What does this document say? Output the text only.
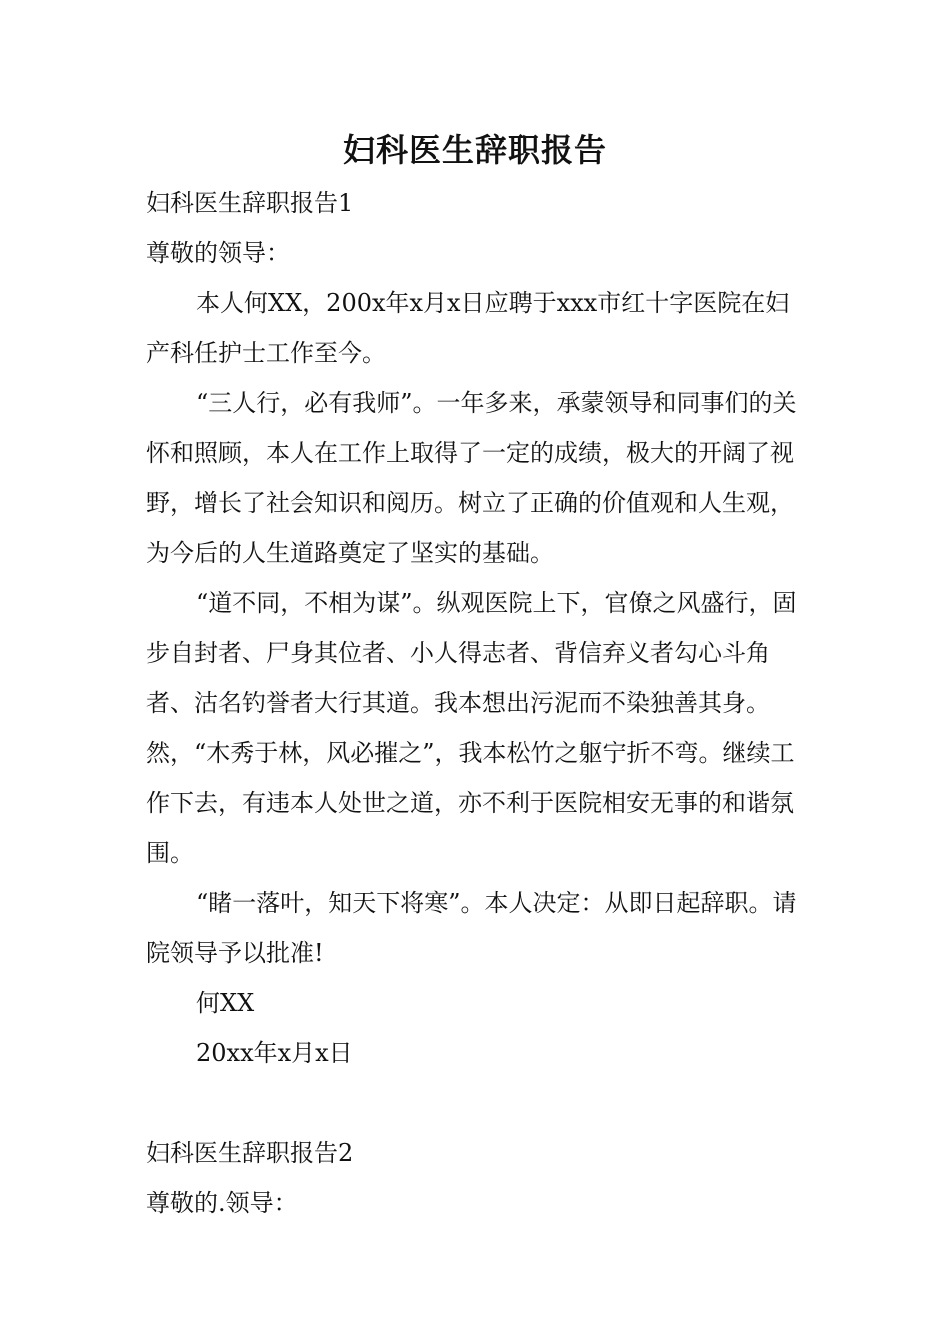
妇科医生辞职报告

妇科医生辞职报告1

尊敬的领导：

本人何XX，200x年x月x日应聘于xxx市红十字医院在妇产科任护士工作至今。

“三人行，必有我师”。一年多来，承蒙领导和同事们的关怀和照顾，本人在工作上取得了一定的成绩，极大的开阔了视野，增长了社会知识和阅历。树立了正确的价值观和人生观，为今后的人生道路奠定了坚实的基础。

“道不同，不相为谋”。纵观医院上下，官僚之风盛行，固步自封者、尸身其位者、小人得志者、背信弃义者勾心斗角者、沽名钓誉者大行其道。我本想出污泥而不染独善其身。然，“木秀于林，风必摧之”，我本松竹之躯宁折不弯。继续工作下去，有违本人处世之道，亦不利于医院相安无事的和谐氛围。

“睹一落叶，知天下将寒”。本人决定：从即日起辞职。请院领导予以批准!

何XX

20xx年x月x日

妇科医生辞职报告2

尊敬的.领导：
